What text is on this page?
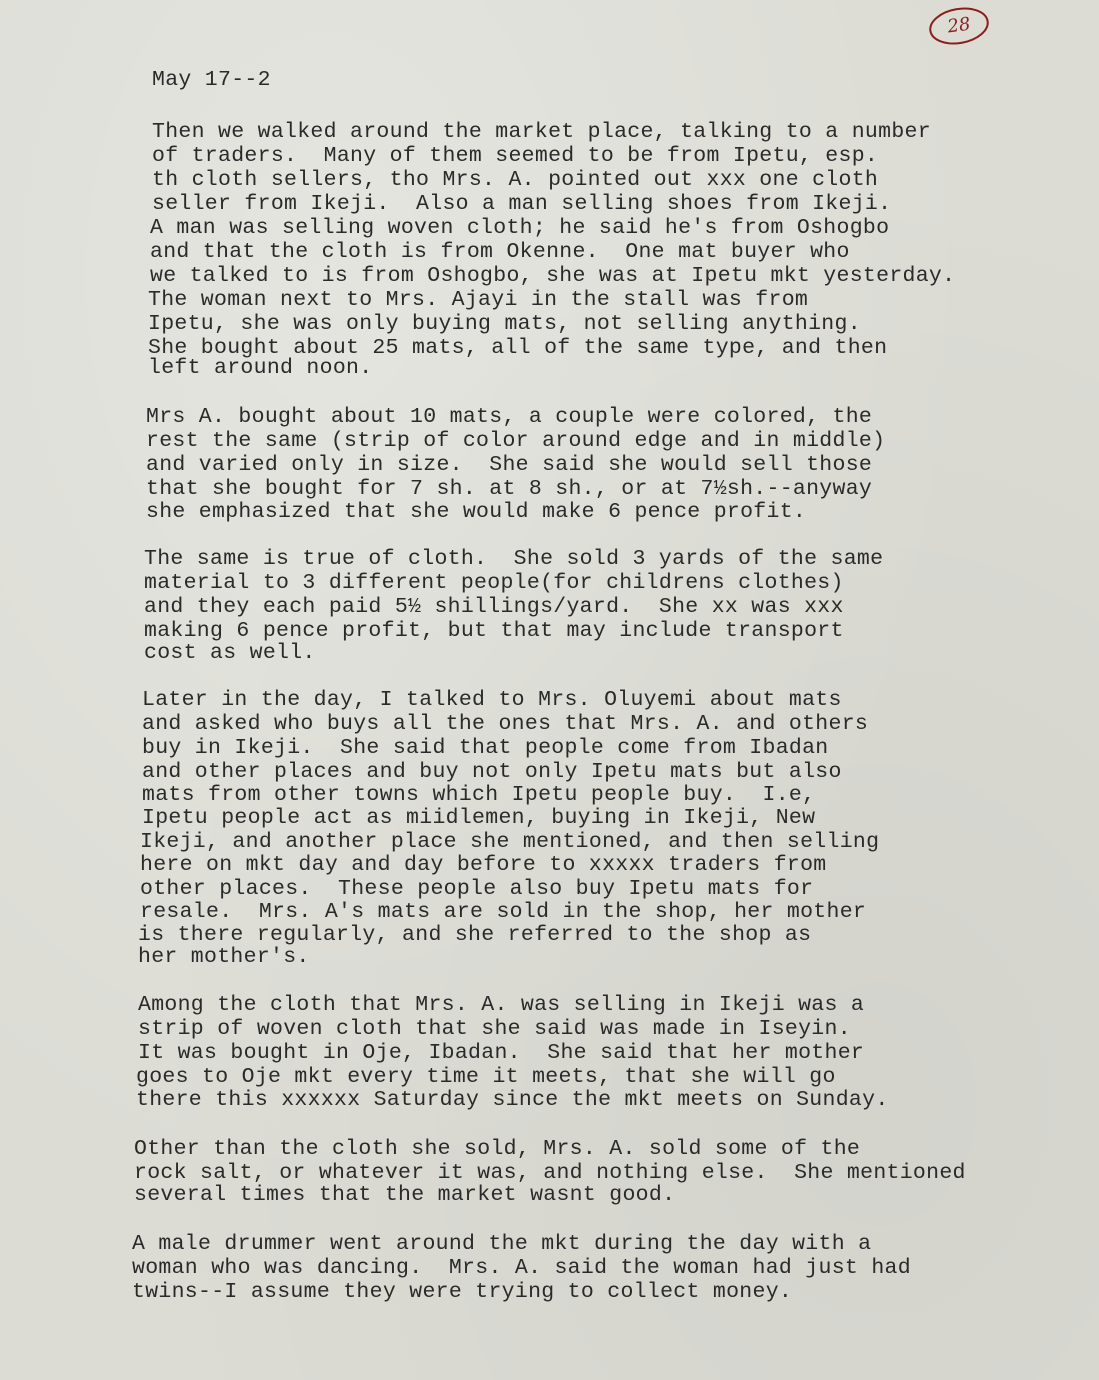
28
May 17--2
Then we walked around the market place, talking to a number
of traders.  Many of them seemed to be from Ipetu, esp.
th cloth sellers, tho Mrs. A. pointed out xxx one cloth
seller from Ikeji.  Also a man selling shoes from Ikeji.
A man was selling woven cloth; he said he's from Oshogbo
and that the cloth is from Okenne.  One mat buyer who
we talked to is from Oshogbo, she was at Ipetu mkt yesterday.
The woman next to Mrs. Ajayi in the stall was from
Ipetu, she was only buying mats, not selling anything.
She bought about 25 mats, all of the same type, and then
left around noon.
Mrs A. bought about 10 mats, a couple were colored, the
rest the same (strip of color around edge and in middle)
and varied only in size.  She said she would sell those
that she bought for 7 sh. at 8 sh., or at 7½sh.--anyway
she emphasized that she would make 6 pence profit.
The same is true of cloth.  She sold 3 yards of the same
material to 3 different people(for childrens clothes)
and they each paid 5½ shillings/yard.  She xx was xxx
making 6 pence profit, but that may include transport
cost as well.
Later in the day, I talked to Mrs. Oluyemi about mats
and asked who buys all the ones that Mrs. A. and others
buy in Ikeji.  She said that people come from Ibadan
and other places and buy not only Ipetu mats but also
mats from other towns which Ipetu people buy.  I.e,
Ipetu people act as miidlemen, buying in Ikeji, New
Ikeji, and another place she mentioned, and then selling
here on mkt day and day before to xxxxx traders from
other places.  These people also buy Ipetu mats for
resale.  Mrs. A's mats are sold in the shop, her mother
is there regularly, and she referred to the shop as
her mother's.
Among the cloth that Mrs. A. was selling in Ikeji was a
strip of woven cloth that she said was made in Iseyin.
It was bought in Oje, Ibadan.  She said that her mother
goes to Oje mkt every time it meets, that she will go
there this xxxxxx Saturday since the mkt meets on Sunday.
Other than the cloth she sold, Mrs. A. sold some of the
rock salt, or whatever it was, and nothing else.  She mentioned
several times that the market wasnt good.
A male drummer went around the mkt during the day with a
woman who was dancing.  Mrs. A. said the woman had just had
twins--I assume they were trying to collect money.
